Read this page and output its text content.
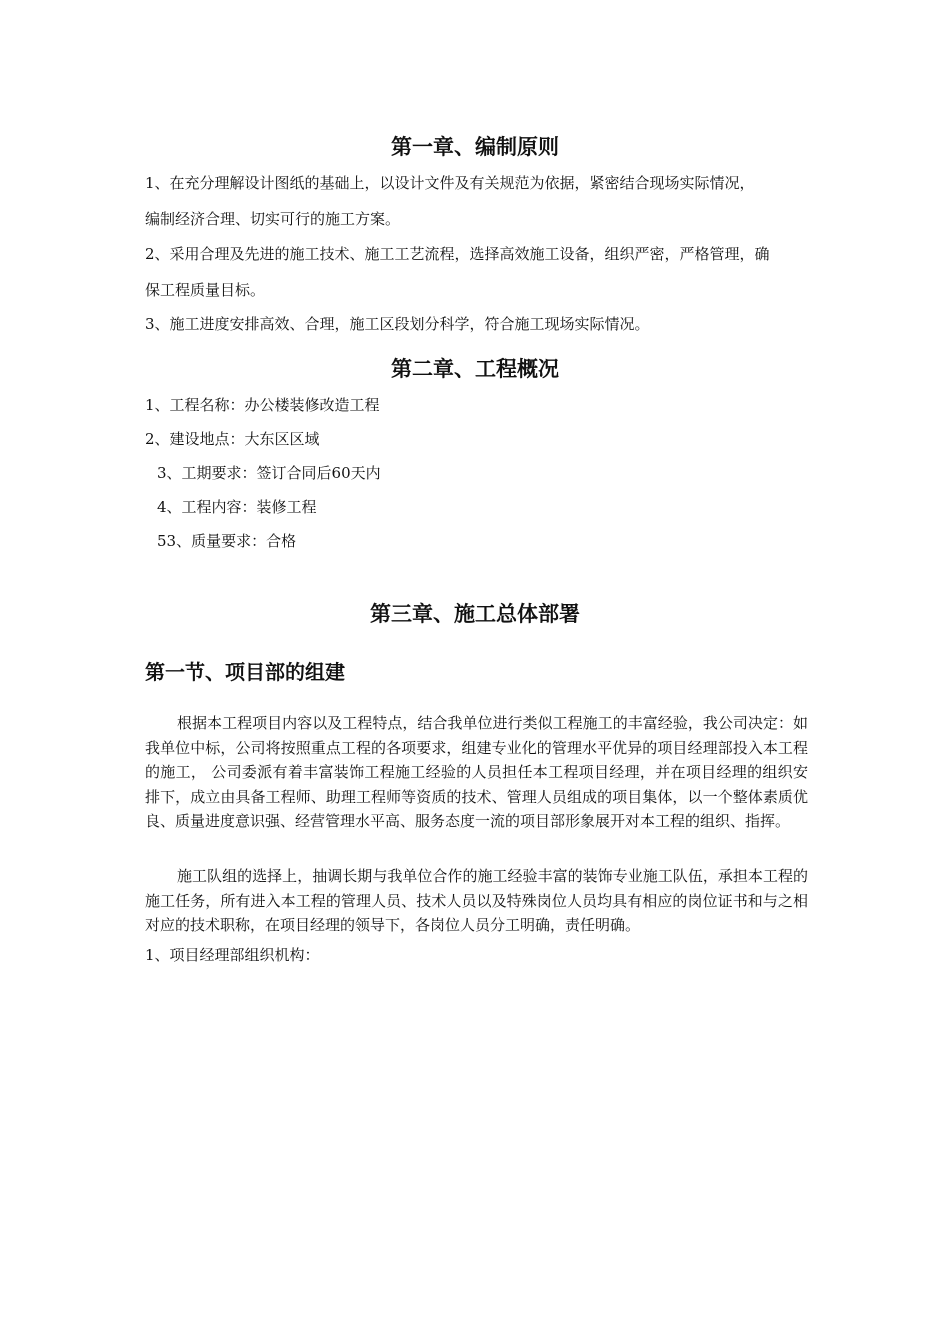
第一章、编制原则

1、在充分理解设计图纸的基础上，以设计文件及有关规范为依据，紧密结合现场实际情况，

编制经济合理、切实可行的施工方案。

2、采用合理及先进的施工技术、施工工艺流程，选择高效施工设备，组织严密，严格管理，确

保工程质量目标。

3、施工进度安排高效、合理，施工区段划分科学，符合施工现场实际情况。

第二章、工程概况

1、工程名称：办公楼装修改造工程

2、建设地点：大东区区域

3、工期要求：签订合同后60天内

4、工程内容：装修工程

53、质量要求：合格

第三章、施工总体部署
第一节、项目部的组建

根据本工程项目内容以及工程特点，结合我单位进行类似工程施工的丰富经验，我公司决定：如我单位中标，公司将按照重点工程的各项要求，组建专业化的管理水平优异的项目经理部投入本工程的施工， 公司委派有着丰富装饰工程施工经验的人员担任本工程项目经理，并在项目经理的组织安排下，成立由具备工程师、助理工程师等资质的技术、管理人员组成的项目集体，以一个整体素质优良、质量进度意识强、经营管理水平高、服务态度一流的项目部形象展开对本工程的组织、指挥。

施工队组的选择上，抽调长期与我单位合作的施工经验丰富的装饰专业施工队伍，承担本工程的施工任务，所有进入本工程的管理人员、技术人员以及特殊岗位人员均具有相应的岗位证书和与之相对应的技术职称，在项目经理的领导下，各岗位人员分工明确，责任明确。

1、项目经理部组织机构：
